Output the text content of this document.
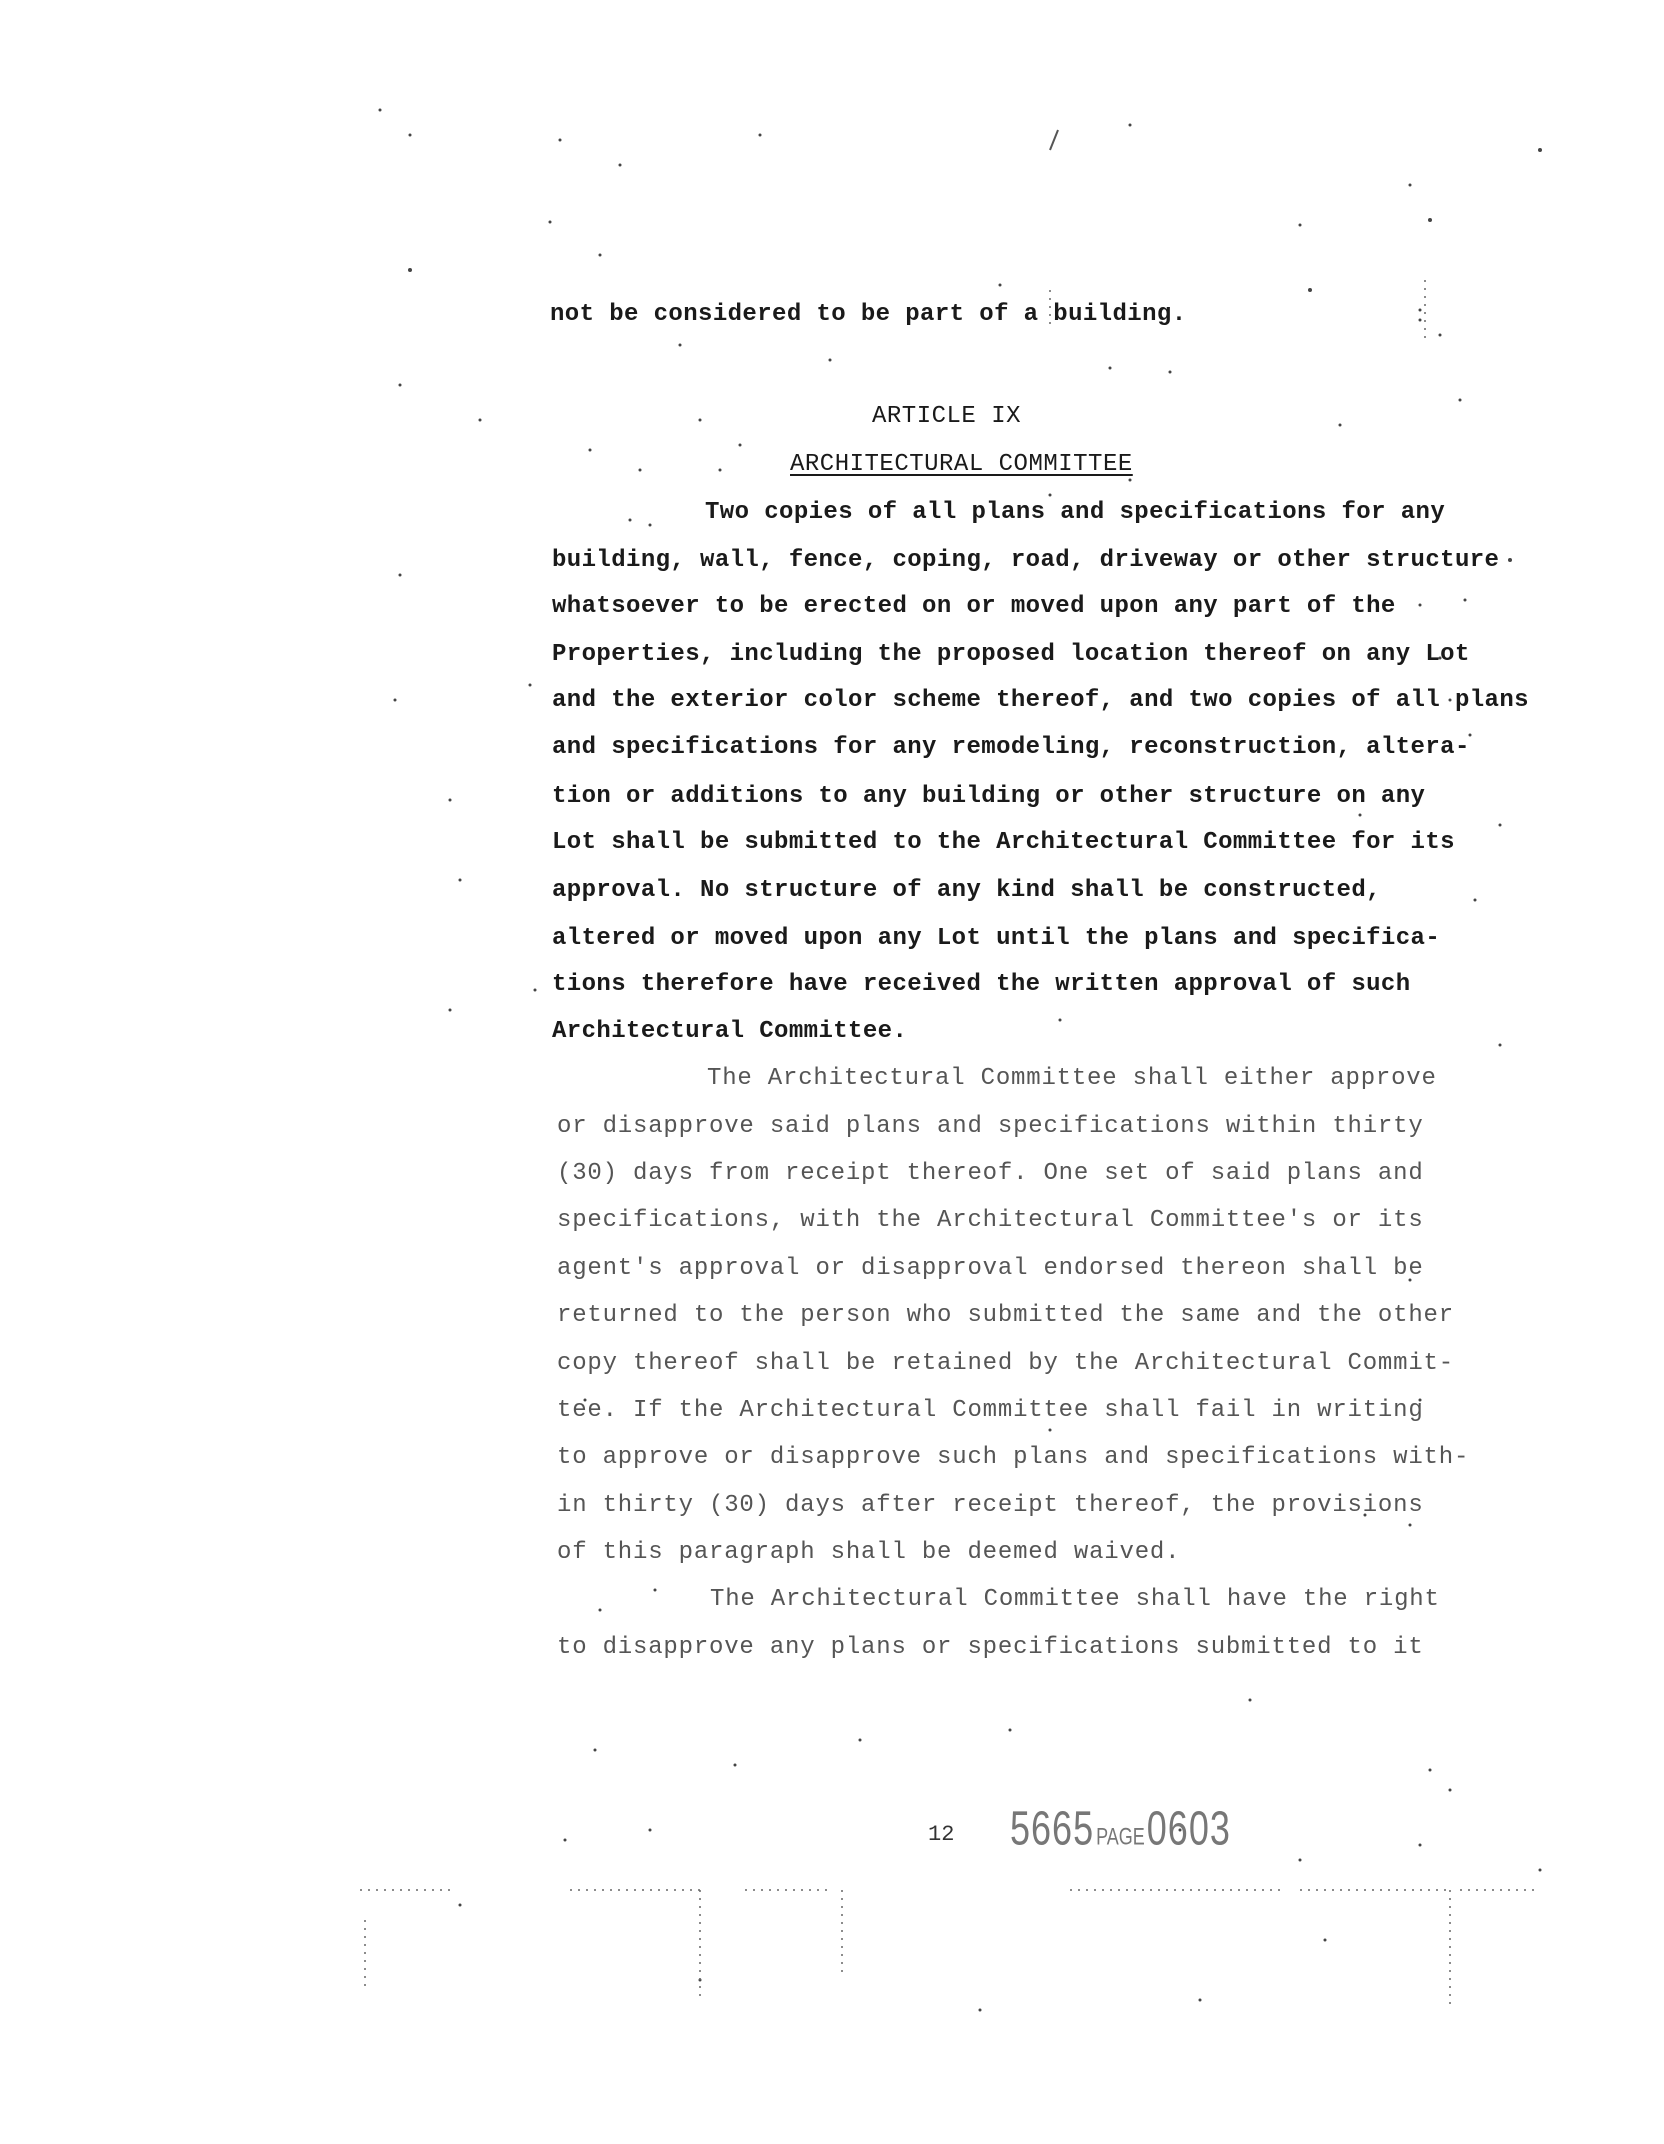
not be considered to be part of a building.
ARTICLE IX
ARCHITECTURAL COMMITTEE
Two copies of all plans and specifications for any
building, wall, fence, coping, road, driveway or other structure
whatsoever to be erected on or moved upon any part of the
Properties, including the proposed location thereof on any Lot
and the exterior color scheme thereof, and two copies of all plans
and specifications for any remodeling, reconstruction, altera-
tion or additions to any building or other structure on any
Lot shall be submitted to the Architectural Committee for its
approval. No structure of any kind shall be constructed,
altered or moved upon any Lot until the plans and specifica-
tions therefore have received the written approval of such
Architectural Committee.
The Architectural Committee shall either approve
or disapprove said plans and specifications within thirty
(30) days from receipt thereof. One set of said plans and
specifications, with the Architectural Committee's or its
agent's approval or disapproval endorsed thereon shall be
returned to the person who submitted the same and the other
copy thereof shall be retained by the Architectural Commit-
tee. If the Architectural Committee shall fail in writing
to approve or disapprove such plans and specifications with-
in thirty (30) days after receipt thereof, the provisions
of this paragraph shall be deemed waived.
The Architectural Committee shall have the right
to disapprove any plans or specifications submitted to it
12 5665 PAGE 0603
